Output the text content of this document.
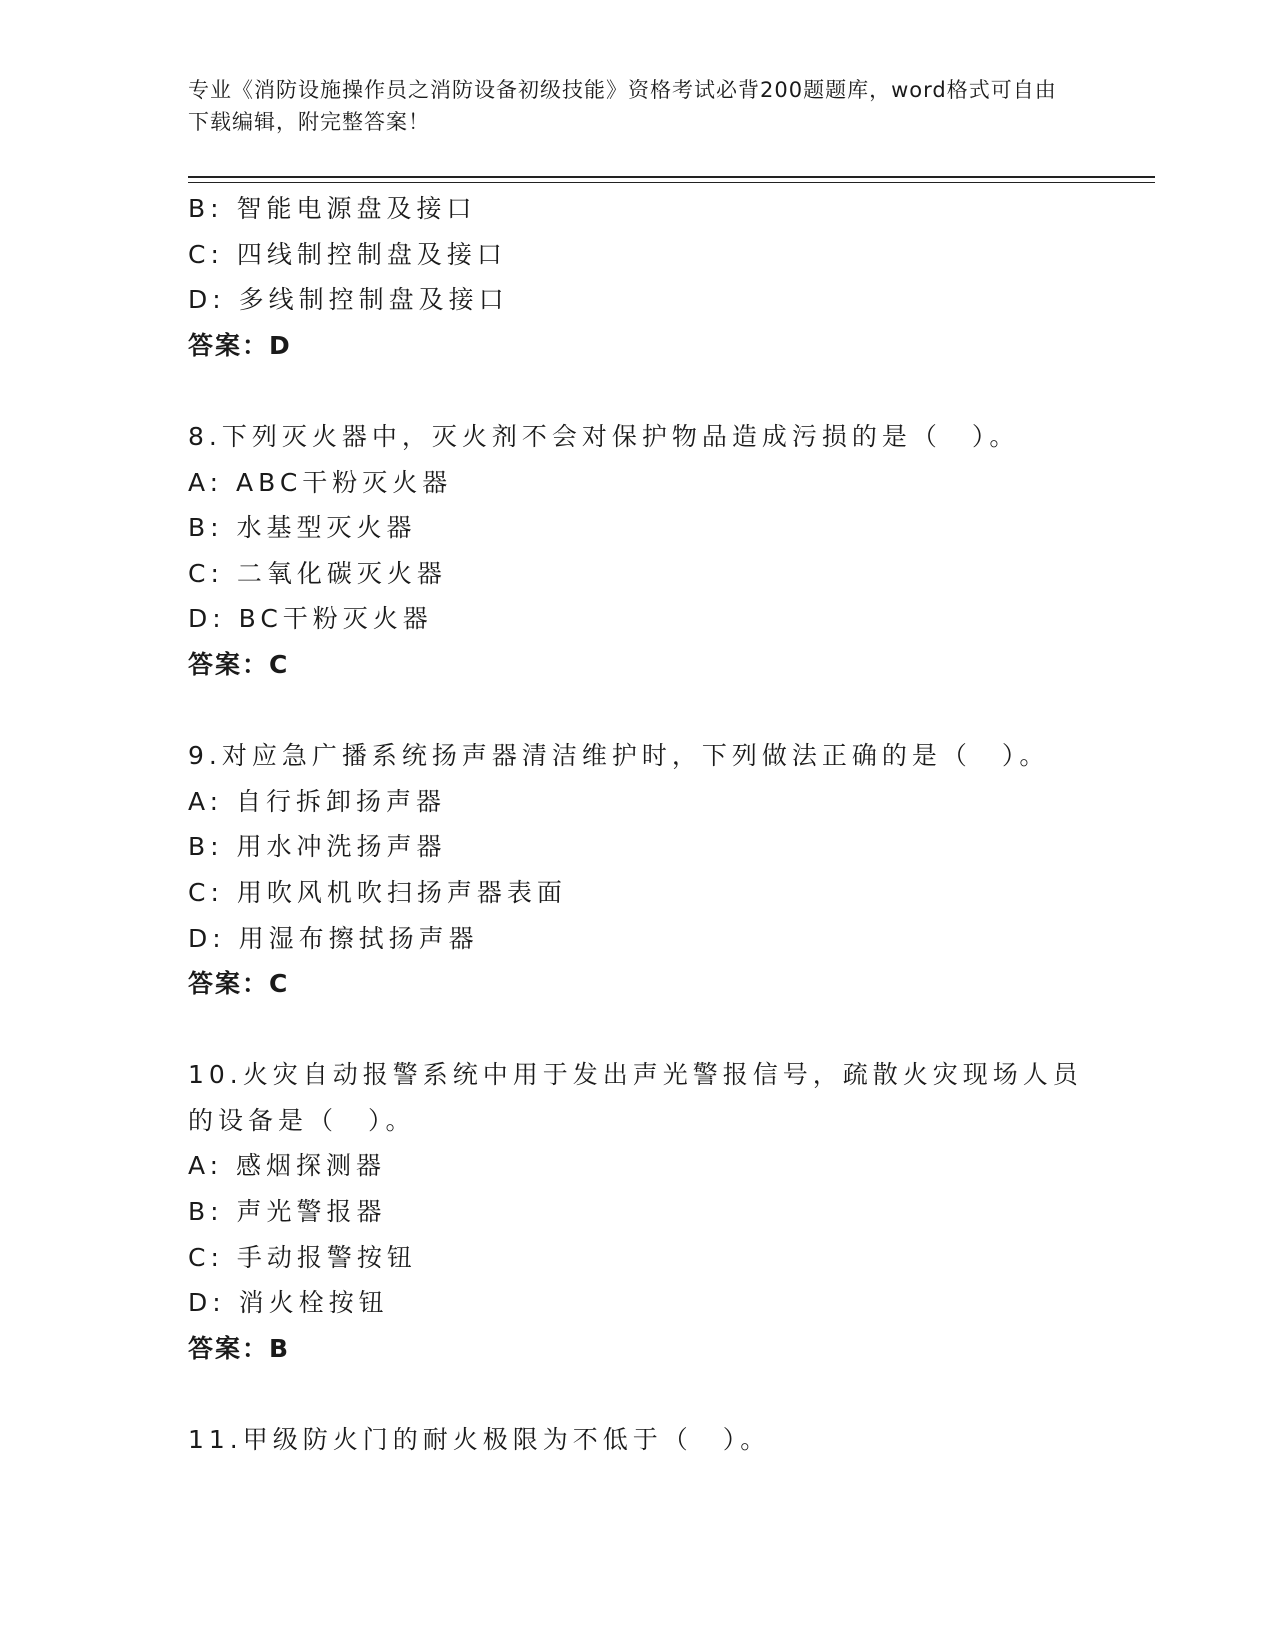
专业《消防设施操作员之消防设备初级技能》资格考试必背200题题库，word格式可自由下载编辑，附完整答案！
B: 智能电源盘及接口
C: 四线制控制盘及接口
D: 多线制控制盘及接口
答案：D
8.下列灭火器中，灭火剂不会对保护物品造成污损的是（　）。
A: ABC干粉灭火器
B: 水基型灭火器
C: 二氧化碳灭火器
D: BC干粉灭火器
答案：C
9.对应急广播系统扬声器清洁维护时，下列做法正确的是（　）。
A: 自行拆卸扬声器
B: 用水冲洗扬声器
C: 用吹风机吹扫扬声器表面
D: 用湿布擦拭扬声器
答案：C
10.火灾自动报警系统中用于发出声光警报信号，疏散火灾现场人员的设备是（　）。
A: 感烟探测器
B: 声光警报器
C: 手动报警按钮
D: 消火栓按钮
答案：B
11.甲级防火门的耐火极限为不低于（　）。
